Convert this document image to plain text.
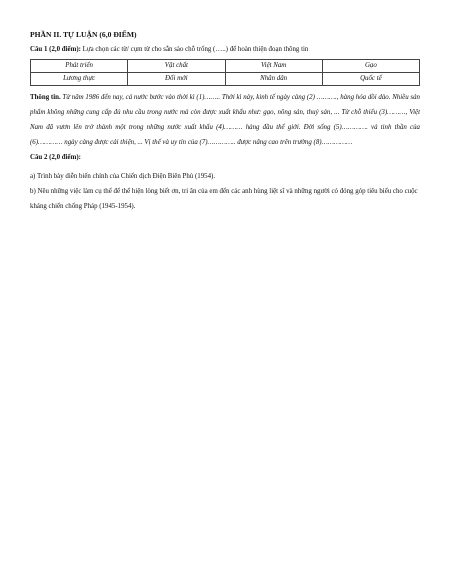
PHẦN II. TỰ LUẬN (6,0 ĐIỂM)

Câu 1 (2,0 điểm): Lựa chọn các từ/ cụm từ cho sẵn sào chỗ trống (…..) để hoàn thiện đoạn thông tin

Phát triển	Vật chất	Việt Nam	Gạo
Lương thực	Đổi mới	Nhân dân	Quốc tế

Thông tin. Từ năm 1986 đến nay, cả nước bước vào thời kì (1)…….. Thời kì này, kinh tế ngày càng (2) ………., hàng hóa dồi dào. Nhiều sản phẩm không những cung cấp đủ nhu cầu trong nước mà còn được xuất khẩu như: gạo, nông sản, thuỷ sản, ... Từ chỗ thiếu (3)………, Việt Nam đã vươn lên trở thành một trong những nước xuất khẩu (4)……… hàng đầu thế giới. Đời sống (5)…………. và tinh thần của (6)………… ngày càng được cải thiện, ... Vị thế và uy tín của (7)………….. được nâng cao trên trường (8)……………

Câu 2 (2,0 điểm):

a) Trình bày diễn biến chính của Chiến dịch Điện Biên Phủ (1954).

b) Nêu những việc làm cụ thể để thể hiện lòng biết ơn, tri ân của em đến các anh hùng liệt sĩ và những người có đóng góp tiêu biểu cho cuộc kháng chiến chống Pháp (1945-1954).
